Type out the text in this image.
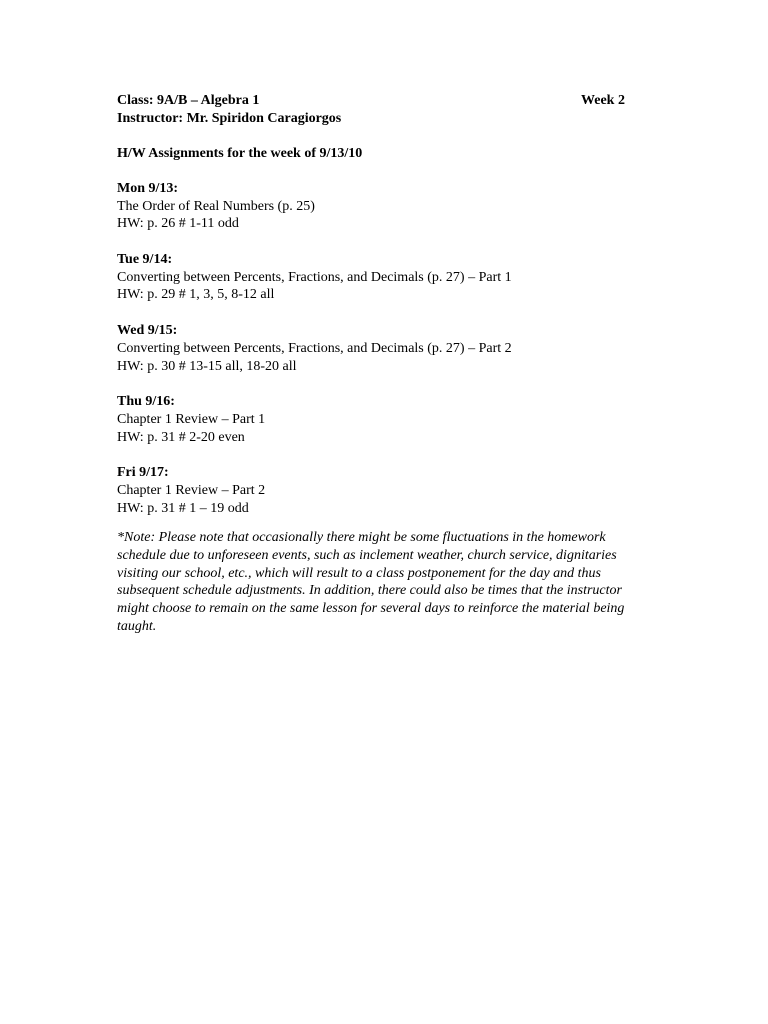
Class: 9A/B – Algebra 1	Week 2
Instructor: Mr. Spiridon Caragiorgos
H/W Assignments for the week of 9/13/10
Mon 9/13:
The Order of Real Numbers (p. 25)
HW: p. 26 # 1-11 odd
Tue 9/14:
Converting between Percents, Fractions, and Decimals (p. 27) – Part 1
HW: p. 29 # 1, 3, 5, 8-12 all
Wed 9/15:
Converting between Percents, Fractions, and Decimals (p. 27) – Part 2
HW: p. 30 # 13-15 all, 18-20 all
Thu 9/16:
Chapter 1 Review – Part 1
HW: p. 31 # 2-20 even
Fri 9/17:
Chapter 1 Review – Part 2
HW: p. 31 # 1 – 19 odd
*Note: Please note that occasionally there might be some fluctuations in the homework schedule due to unforeseen events, such as inclement weather, church service, dignitaries visiting our school, etc., which will result to a class postponement for the day and thus subsequent schedule adjustments. In addition, there could also be times that the instructor might choose to remain on the same lesson for several days to reinforce the material being taught.
